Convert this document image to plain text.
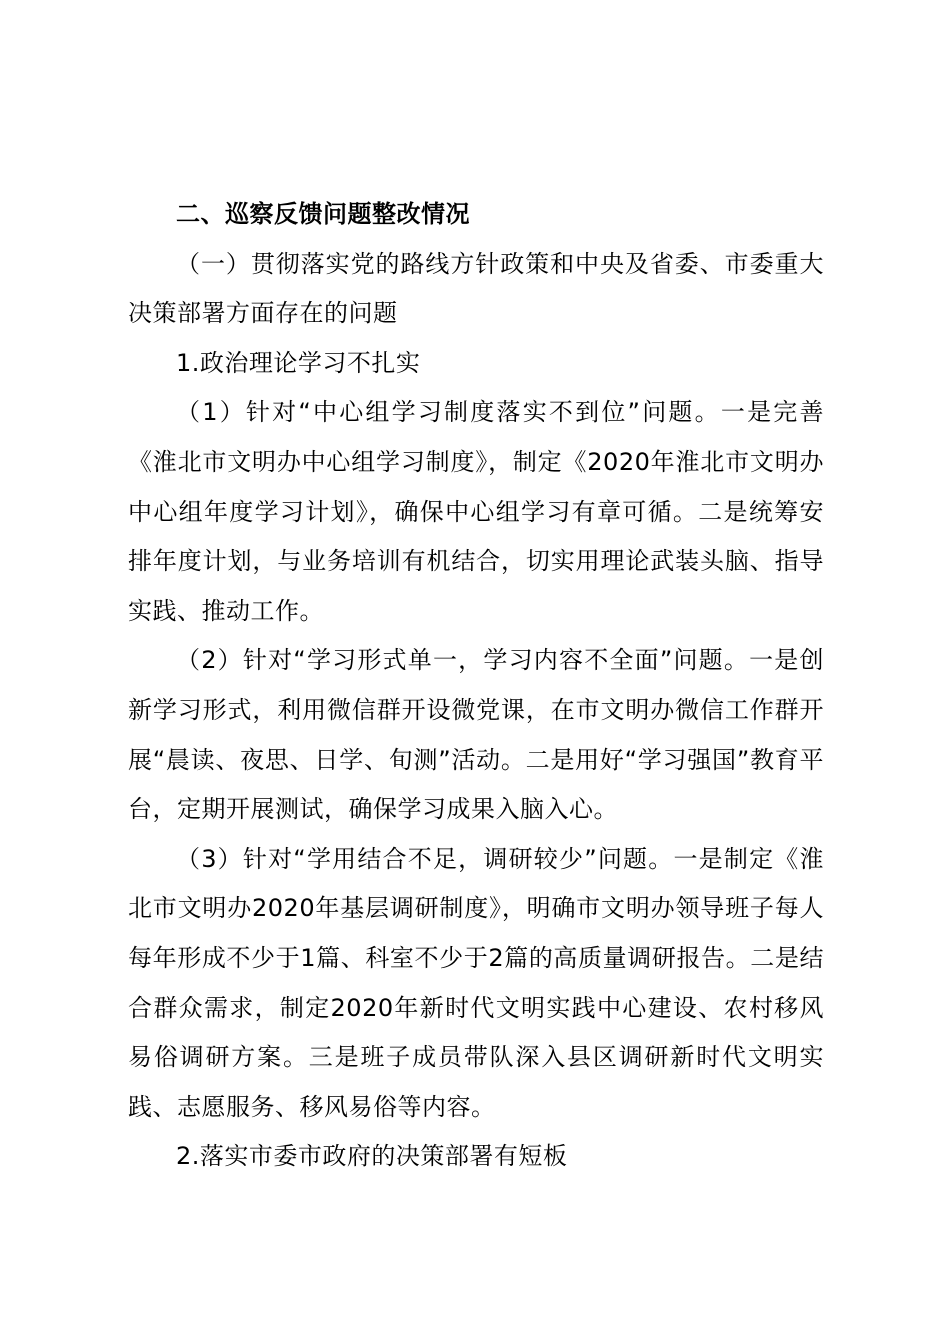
二、巡察反馈问题整改情况

（一）贯彻落实党的路线方针政策和中央及省委、市委重大决策部署方面存在的问题

1.政治理论学习不扎实

（1）针对“中心组学习制度落实不到位”问题。一是完善《淮北市文明办中心组学习制度》，制定《2020年淮北市文明办中心组年度学习计划》，确保中心组学习有章可循。二是统筹安排年度计划，与业务培训有机结合，切实用理论武装头脑、指导实践、推动工作。

（2）针对“学习形式单一，学习内容不全面”问题。一是创新学习形式，利用微信群开设微党课，在市文明办微信工作群开展“晨读、夜思、日学、旬测”活动。二是用好“学习强国”教育平台，定期开展测试，确保学习成果入脑入心。

（3）针对“学用结合不足，调研较少”问题。一是制定《淮北市文明办2020年基层调研制度》，明确市文明办领导班子每人每年形成不少于1篇、科室不少于2篇的高质量调研报告。二是结合群众需求，制定2020年新时代文明实践中心建设、农村移风易俗调研方案。三是班子成员带队深入县区调研新时代文明实践、志愿服务、移风易俗等内容。

2.落实市委市政府的决策部署有短板
